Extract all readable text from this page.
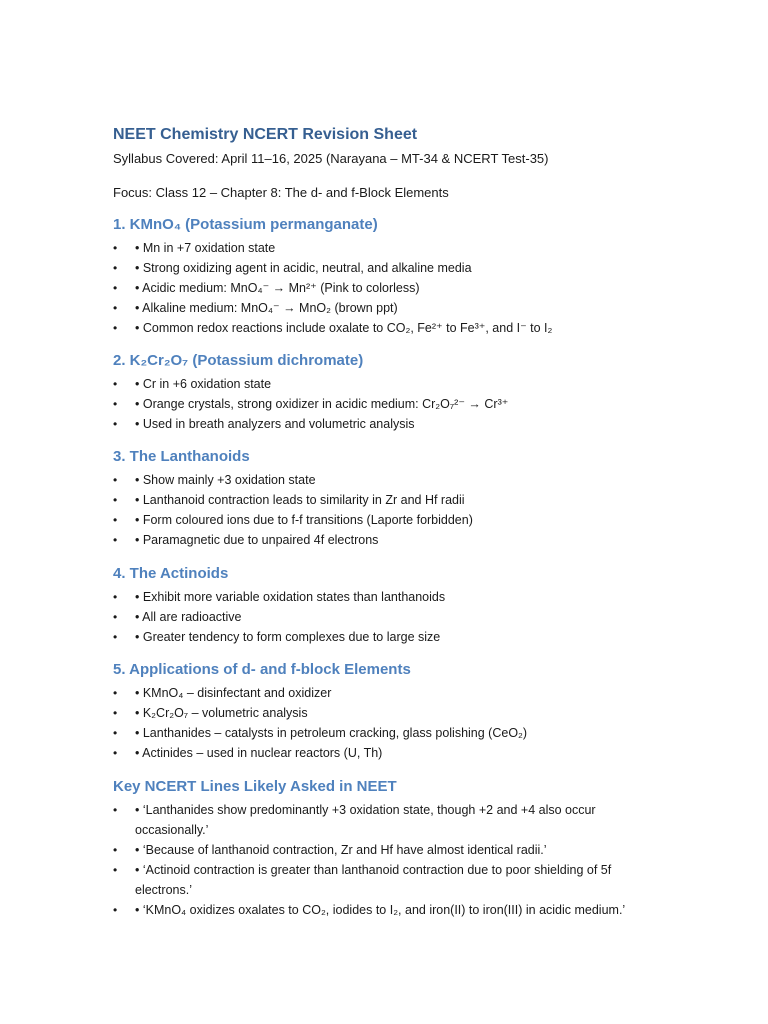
NEET Chemistry NCERT Revision Sheet

Syllabus Covered: April 11–16, 2025 (Narayana – MT-34 & NCERT Test-35)

Focus: Class 12 – Chapter 8: The d- and f-Block Elements

1. KMnO₄ (Potassium permanganate)
• • Mn in +7 oxidation state
• • Strong oxidizing agent in acidic, neutral, and alkaline media
• • Acidic medium: MnO₄⁻ → Mn²⁺ (Pink to colorless)
• • Alkaline medium: MnO₄⁻ → MnO₂ (brown ppt)
• • Common redox reactions include oxalate to CO₂, Fe²⁺ to Fe³⁺, and I⁻ to I₂
2. K₂Cr₂O₇ (Potassium dichromate)
• • Cr in +6 oxidation state
• • Orange crystals, strong oxidizer in acidic medium: Cr₂O₇²⁻ → Cr³⁺
• • Used in breath analyzers and volumetric analysis
3. The Lanthanoids
• • Show mainly +3 oxidation state
• • Lanthanoid contraction leads to similarity in Zr and Hf radii
• • Form coloured ions due to f-f transitions (Laporte forbidden)
• • Paramagnetic due to unpaired 4f electrons
4. The Actinoids
• • Exhibit more variable oxidation states than lanthanoids
• • All are radioactive
• • Greater tendency to form complexes due to large size
5. Applications of d- and f-block Elements
• • KMnO₄ – disinfectant and oxidizer
• • K₂Cr₂O₇ – volumetric analysis
• • Lanthanides – catalysts in petroleum cracking, glass polishing (CeO₂)
• • Actinides – used in nuclear reactors (U, Th)
Key NCERT Lines Likely Asked in NEET
• • ‘Lanthanides show predominantly +3 oxidation state, though +2 and +4 also occur occasionally.’
• • ‘Because of lanthanoid contraction, Zr and Hf have almost identical radii.’
• • ‘Actinoid contraction is greater than lanthanoid contraction due to poor shielding of 5f electrons.’
• • ‘KMnO₄ oxidizes oxalates to CO₂, iodides to I₂, and iron(II) to iron(III) in acidic medium.’
